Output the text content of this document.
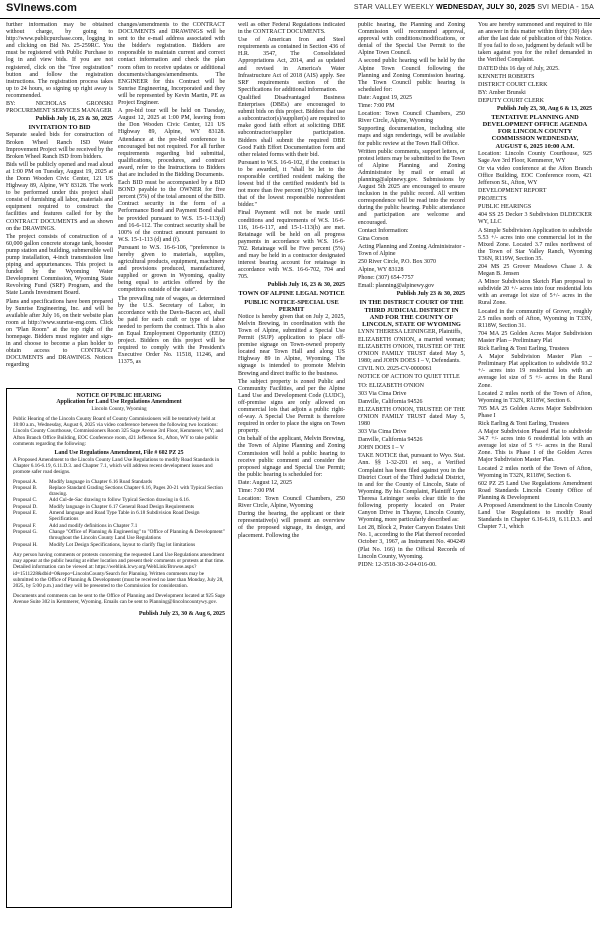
SVInews.com	STAR VALLEY WEEKLY WEDNESDAY, JULY 30, 2025 SVI MEDIA - 15A

further information may be obtained without charge, by going to http://www.publicpurchase.com, logging in and clicking on Bid No. 25-259RC. You must be registered with Public Purchase to log in and view bids. If you are not registered, click on the "free registration" button and follow the registration instructions. The registration process takes up to 24 hours, so signing up right away is recommended.

BY: NICHOLAS GRONSKI PROCUREMENT SERVICES MANAGER

Publish July 16, 23 & 30, 2025

INVITATION TO BID

Separate sealed bids for construction of Broken Wheel Ranch ISD Water Improvement Project will be received by the Broken Wheel Ranch ISD from bidders.

Bids will be publicly opened and read aloud at 1:00 PM on Tuesday, August 19, 2025 at the Donn Wooden Civic Center, 121 US Highway 89, Alpine, WY 83128. The work to be performed under this project shall consist of furnishing all labor, materials and equipment required to construct the facilities and features called for by the CONTRACT DOCUMENTS and as shown on the DRAWINGS.

The project consists of construction of a 60,000 gallon concrete storage tank, booster pump station and building, submersible well pump installation, 4-inch transmission line piping and appurtenances. This project is funded by the Wyoming Water Development Commission, Wyoming State Revolving Fund (SRF) Program, and the State Lands Investment Board.

Plans and specifications have been prepared by Sunrise Engineering, Inc. and will be available after July 16, on their website plan room at http://www.sunrise-eng.com. Click on "Plan Room" at the top right of the homepage. Bidders must register and sign-in and choose to become a plan holder to obtain access to CONTRACT DOCUMENTS and DRAWINGS. Notices regarding

changes/amendments to the CONTRACT DOCUMENTS and DRAWINGS will be sent to the e-mail address associated with the bidder's registration. Bidders are responsible to maintain current and correct contact information and check the plan room often to receive updates or additional documents/changes/amendments. The ENGINEER for this Contract will be Sunrise Engineering, Incorporated and they will be represented by Kevin Martin, PE as Project Engineer.

A pre-bid tour will be held on Tuesday, August 12, 2025 at 1:00 PM, leaving from the Don Wooden Civic Center, 121 US Highway 89, Alpine, WY 83128. Attendance at the pre-bid conference is encouraged but not required. For all further requirements regarding bid submittal, qualifications, procedures, and contract award, refer to the Instructions to Bidders that are included in the Bidding Documents.

Each BID must be accompanied by a BID BOND payable to the OWNER for five percent (5%) of the total amount of the BID. Contract security in the form of a Performance Bond and Payment Bond shall be provided pursuant to W.S. 15-1-113(d) and 16-6-112. The contract security shall be 100% of the contract amount pursuant to W.S. 15-1-113 (d) and (f).

Pursuant to W.S. 16-6-106, "preference is hereby given to materials, supplies, agricultural products, equipment, machinery and provisions produced, manufactured, supplied or grown in Wyoming, quality being equal to articles offered by the competitors outside of the state".

The prevailing rate of wages, as determined by the U.S. Secretary of Labor, in accordance with the Davis-Bacon act, shall be paid for each craft or type of labor needed to perform the contract. This is also an Equal Employment Opportunity (EEO) project. Bidders on this project will be required to comply with the President's Executive Order No. 11518, 11246, and 11375, as

NOTICE OF PUBLIC HEARING

Application for Land Use Regulations Amendment

Lincoln County, Wyoming

Public Hearing of the Lincoln County Board of County Commissioners will be tentatively held at 10:00 a.m., Wednesday, August 6, 2025 via video conference between the following two locations: Lincoln County Courthouse, Commissioners Room 325 Sage Avenue 3rd Floor, Kemmerer, WY; and Afton Branch Office Building, EOC Conference room, 421 Jefferson St., Afton, WY to take public comments regarding the following:

Land Use Regulations Amendment, File # 602 PZ 25

A Proposed Amendment to the Lincoln County Land Use Regulations to modify Road Standards in Chapter 6.16-6.19, 6.11.D.3. and Chapter 7.1, which will address recent development issues and promote safer road designs.

Proposal A.	Modify language in Chapter 6.16 Road Standards
Proposal B.	Replace Standard Grading Sections Chapter 6.16, Pages 20-21 with Typical Section drawing.
Proposal C.	Add Cul-de-Sac drawing to follow Typical Section drawing in 6.16.
Proposal D.	Modify language in Chapter 6.17 General Road Design Requirements
Proposal E.	Amend language and Road Type Table in 6.18 Subdivision Road Design Specifications
Proposal F.	Add and modify definitions in Chapter 7.1
Proposal G.	Change "Office of Planning & Engineering" to "Office of Planning & Development" throughout the Lincoln County Land Use Regulations
Proposal H.	Modify Lot Design Specifications, layout to clarify flag lot limitations

Any person having comments or protests concerning the requested Land Use Regulations amendment may appear at the public hearing at either location and present their comments or protests at that time. Detailed information can be viewed at: https://weblink.lcwy.org/WebLink/Browse.aspx?id=1511228&dbid=0&repo=LincolnCounty/Search for Planning. Written comments may be submitted to the Office of Planning & Development (must be received no later than Monday, July 28, 2025, by 5:00 p.m.) and they will be presented to the Commission for consideration.

Documents and comments can be sent to the Office of Planning and Development located at 925 Sage Avenue Suite 302 in Kemmerer, Wyoming. Emails can be sent to Planning@lincolncountywy.gov.

Publish July 23, 30 & Aug 6, 2025

well as other Federal Regulations indicated in the CONTRACT DOCUMENTS.

Use of American Iron and Steel requirements as contained in Section 436 of H.R. 3547, The Consolidated Appropriations Act, 2014, and as updated and revised in America's Water Infrastructure Act of 2018 (AIS) apply. See SRF requirements section of the Specifications for additional information.

Qualified Disadvantaged Business Enterprises (DBEs) are encouraged to submit bids on this project. Bidders that use a subcontractor(s)/supplier(s) are required to make good faith effort at soliciting DBE subcontractor/supplier participation. Bidders shall submit the required DBE Good Faith Effort Documentation form and other related forms with their bid.

Pursuant to W.S. 16-6-102, if the contract is to be awarded, it "shall be let to the responsible certified resident making the lowest bid if the certified resident's bid is not more than five percent (5%) higher than that of the lowest responsible nonresident bidder."

Final Payment will not be made until conditions and requirements of W.S. 16-6-116, 16-6-117, and 15-1-113(h) are met. Retainage will be held on all progress payments in accordance with W.S. 16-6-702. Retainage will be Five percent (5%) and may be held in a contractor designated interest bearing account for retainage in accordance with W.S. 16-6-702, 704 and 705.

Publish July 16, 23 & 30, 2025

TOWN OF ALPINE LEGAL NOTICE

PUBLIC NOTICE-SPECIAL USE PERMIT

Notice is hereby given that on July 2, 2025, Melvin Brewing, in coordination with the Town of Alpine, submitted a Special Use Permit (SUP) application to place off-premise signage on Town-owned property located near Town Hall and along US Highway 89 in Alpine, Wyoming. The signage is intended to promote Melvin Brewing and direct traffic to the business.

The subject property is zoned Public and Community Facilities, and per the Alpine Land Use and Development Code (LUDC), off-premise signs are only allowed on commercial lots that adjoin a public right-of-way. A Special Use Permit is therefore required in order to place the signs on Town property.

On behalf of the applicant, Melvin Brewing, the Town of Alpine Planning and Zoning Commission will hold a public hearing to receive public comment and consider the proposed signage and Special Use Permit; the public hearing is scheduled for:

Date: August 12, 2025

Time: 7:00 PM

Location: Town Council Chambers, 250 River Circle, Alpine, Wyoming

During the hearing, the applicant or their representative(s) will present an overview of the proposed signage, its design, and placement. Following the

public hearing, the Planning and Zoning Commission will recommend approval, approval with conditions/modifications, or denial of the Special Use Permit to the Alpine Town Council.

A second public hearing will be held by the Alpine Town Council following the Planning and Zoning Commission hearing. The Town Council public hearing is scheduled for:

Date: August 19, 2025

Time: 7:00 PM

Location: Town Council Chambers, 250 River Circle, Alpine, Wyoming

Supporting documentation, including site maps and sign renderings, will be available for public review at the Town Hall Office.

Written public comments, support letters, or protest letters may be submitted to the Town of Alpine Planning and Zoning Administrator by mail or email at planning@alpinewy.gov. Submissions by August 5th 2025 are encouraged to ensure inclusion in the public record. All written correspondence will be read into the record during the public hearing. Public attendance and participation are welcome and encouraged.

Contact Information:

Gina Corson

Acting Planning and Zoning Administrator - Town of Alpine

250 River Circle, P.O. Box 3070

Alpine, WY 83128

Phone: (307) 654-7757

Email: planning@alpinewy.gov

Publish July 23 & 30, 2025

IN THE DISTRICT COURT OF THE THIRD JUDICIAL DISTRICT IN AND FOR THE COUNTY OF LINCOLN, STATE OF WYOMING

LYNN THERESA LEININGER, Plaintiffs,

ELIZABETH O'NION, a married woman; ELIZABETH O'NION, TRUSTEE OF THE O'NION FAMILY TRUST dated May 5, 1980; and JOHN DOES I – V, Defendants.

CIVIL NO. 2025-CV-0000061

NOTICE OF ACTION TO QUIET TITLE

TO: ELIZABETH O'NION

303 Via Cima Drive

Danville, California 94526

ELIZABETH O'NION, TRUSTEE OF THE O'NION FAMILY TRUST dated May 5, 1980

303 Via Cima Drive

Danville, California 94526

JOHN DOES I – V

TAKE NOTICE that, pursuant to Wyo. Stat. Ann. §§ 1-32-201 et seq., a Verified Complaint has been filed against you in the District Court of the Third Judicial District, in and for the County of Lincoln, State of Wyoming. By his Complaint, Plaintiff Lynn Theresa Leininger seeks clear title to the following property located on Prater Canyon Drive in Thayne, Lincoln County, Wyoming, more particularly described as:

Lot 28, Block 2, Prater Canyon Estates Unit No. 1, according to the Plat thereof recorded October 3, 1967, as Instrument No. 404249 (Plat No. 166) in the Official Records of Lincoln County, Wyoming.

PIDN: 12-3518-30-2-04-016-00.

You are hereby summoned and required to file an answer in this matter within thirty (30) days after the last date of publication of this Notice. If you fail to do so, judgment by default will be taken against you for the relief demanded in the Verified Complaint.

DATED this 16 day of July, 2025.

KENNETH ROBERTS

DISTRICT COURT CLERK

BY: Amber Brunski

DEPUTY COURT CLERK

Publish July 23, 30, Aug 6 & 13, 2025

TENTATIVE PLANNING AND DEVELOPMENT OFFICE AGENDA FOR LINCOLN COUNTY COMMISSION WEDNESDAY, AUGUST 6, 2025 10:00 A.M.

Location: Lincoln County Courthouse, 925 Sage Ave 3rd Floor, Kemmerer, WY

Or via video conference at the Afton Branch Office Building, EOC Conference room, 421 Jefferson St., Afton, WY

DEVELOPMENT REPORT

PROJECTS

PUBLIC HEARINGS

404 SS 25 Decker 3 Subdivision DLDECKER WY, LLC

A Simple Subdivision Application to subdivide 5.53 +/- acres into one commercial lot in the Mixed Zone. Located 3.7 miles northwest of the Town of Star Valley Ranch, Wyoming T36N, R119W, Section 35.

204 MS 25 Grover Meadows Chase J. & Megan B. Jensen

A Minor Subdivision Sketch Plan proposal to subdivide 20 +/- acres into four residential lots with an average lot size of 5+/- acres in the Rural Zone.

Located in the community of Grover, roughly 2.5 miles north of Afton, Wyoming in T33N, R118W, Section 31.

704 MA 25 Golden Acres Major Subdivision Master Plan – Preliminary Plat

Rick Earling & Toni Earling, Trustees

A Major Subdivision Master Plan – Preliminary Plat application to subdivide 93.2 +/- acres into 19 residential lots with an average lot size of 5 +/- acres in the Rural Zone.

Located 2 miles north of the Town of Afton, Wyoming in T32N, R118W, Section 6.

705 MA 25 Golden Acres Major Subdivision Phase I

Rick Earling & Toni Earling, Trustees

A Major Subdivision Phased Plat to subdivide 34.7 +/- acres into 6 residential lots with an average lot size of 5 +/- acres in the Rural Zone. This is Phase I of the Golden Acres Major Subdivision Master Plan.

Located 2 miles north of the Town of Afton, Wyoming in T32N, R118W, Section 6.

602 PZ 25 Land Use Regulations Amendment Road Standards Lincoln County Office of Planning & Development

A Proposed Amendment to the Lincoln County Land Use Regulations to modify Road Standards in Chapter 6.16-6.19, 6.11.D.3. and Chapter 7.1, which
